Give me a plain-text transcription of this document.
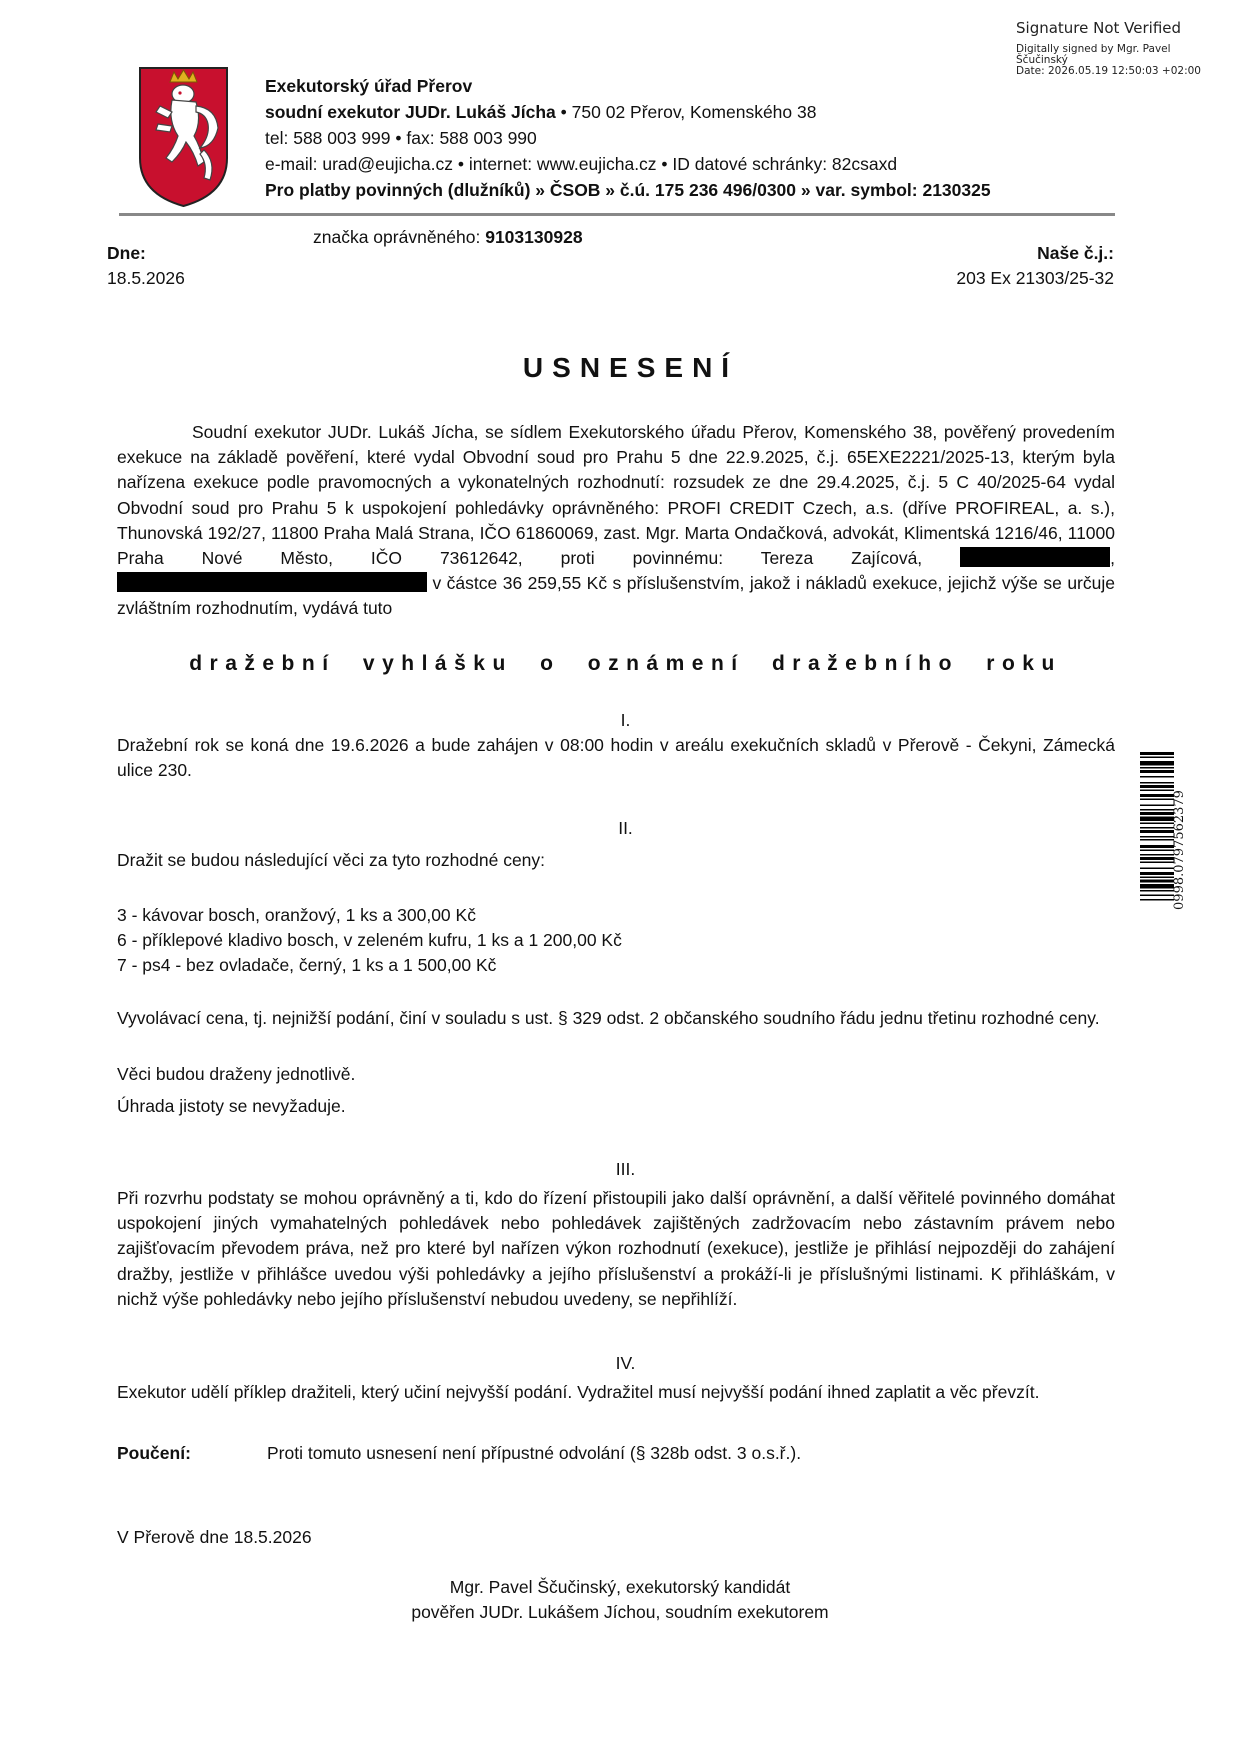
Signature Not Verified
Digitally signed by Mgr. Pavel
Ščučinský
Date: 2026.05.19 12:50:03 +02:00
Exekutorský úřad Přerov
soudní exekutor JUDr. Lukáš Jícha • 750 02 Přerov, Komenského 38
tel: 588 003 999 • fax: 588 003 990
e-mail: urad@eujicha.cz • internet: www.eujicha.cz • ID datové schránky: 82csaxd
Pro platby povinných (dlužníků) » ČSOB » č.ú. 175 236 496/0300 » var. symbol: 2130325
značka oprávněného: 9103130928
Dne:
18.5.2026
Naše č.j.:
203 Ex 21303/25-32
USNESENÍ
Soudní exekutor JUDr. Lukáš Jícha, se sídlem Exekutorského úřadu Přerov, Komenského 38, pověřený provedením exekuce na základě pověření, které vydal Obvodní soud pro Prahu 5 dne 22.9.2025, č.j. 65EXE2221/2025-13, kterým byla nařízena exekuce podle pravomocných a vykonatelných rozhodnutí: rozsudek ze dne 29.4.2025, č.j. 5 C 40/2025-64 vydal Obvodní soud pro Prahu 5 k uspokojení pohledávky oprávněného: PROFI CREDIT Czech, a.s. (dříve PROFIREAL, a. s.), Thunovská 192/27, 11800 Praha Malá Strana, IČO 61860069, zast. Mgr. Marta Ondačková, advokát, Klimentská 1216/46, 11000 Praha Nové Město, IČO 73612642, proti povinnému: Tereza Zajícová,	,  v částce 36 259,55 Kč s příslušenstvím, jakož i nákladů exekuce, jejichž výše se určuje zvláštním rozhodnutím, vydává tuto
dražební vyhlášku o oznámení dražebního roku
I.
Dražební rok se koná dne 19.6.2026 a bude zahájen v 08:00 hodin v areálu exekučních skladů v Přerově - Čekyni, Zámecká ulice 230.
II.
Dražit se budou následující věci za tyto rozhodné ceny:
3 - kávovar bosch, oranžový, 1 ks a 300,00 Kč
6 - příklepové kladivo bosch, v zeleném kufru, 1 ks a 1 200,00 Kč
7 - ps4 - bez ovladače, černý, 1 ks a 1 500,00 Kč
Vyvolávací cena, tj. nejnižší podání, činí v souladu s ust. § 329 odst. 2 občanského soudního řádu jednu třetinu rozhodné ceny.
Věci budou draženy jednotlivě.
Úhrada jistoty se nevyžaduje.
III.
Při rozvrhu podstaty se mohou oprávněný a ti, kdo do řízení přistoupili jako další oprávnění, a další věřitelé povinného domáhat uspokojení jiných vymahatelných pohledávek nebo pohledávek zajištěných zadržovacím nebo zástavním právem nebo zajišťovacím převodem práva, než pro které byl nařízen výkon rozhodnutí (exekuce), jestliže je přihlásí nejpozději do zahájení dražby, jestliže v přihlášce uvedou výši pohledávky a jejího příslušenství a prokáží-li je příslušnými listinami. K přihláškám, v nichž výše pohledávky nebo jejího příslušenství nebudou uvedeny, se nepřihlíží.
IV.
Exekutor udělí příklep dražiteli, který učiní nejvyšší podání. Vydražitel musí nejvyšší podání ihned zaplatit a věc převzít.
Poučení:	Proti tomuto usnesení není přípustné odvolání (§ 328b odst. 3 o.s.ř.).
V Přerově dne 18.5.2026
Mgr. Pavel Ščučinský, exekutorský kandidát
pověřen JUDr. Lukášem Jíchou, soudním exekutorem
0998.0797562379
